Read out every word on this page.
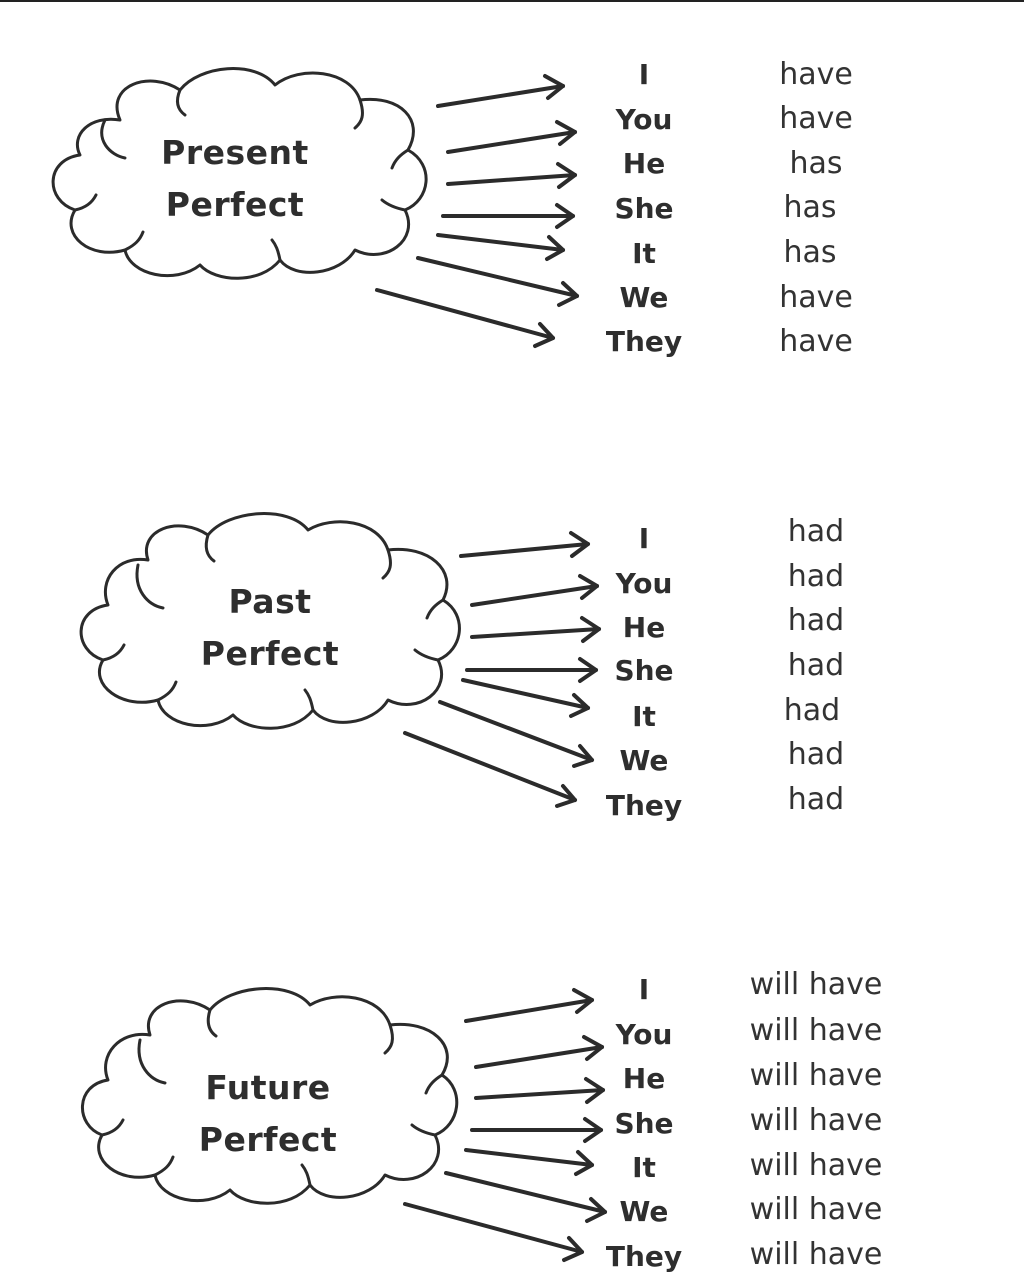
Present
Perfect
I
You
He
She
It
We
They
have
have
has
has
has
have
have
Past
Perfect
I
You
He
She
It
We
They
had
had
had
had
had
had
had
Future
Perfect
I
You
He
She
It
We
They
will have
will have
will have
will have
will have
will have
will have
